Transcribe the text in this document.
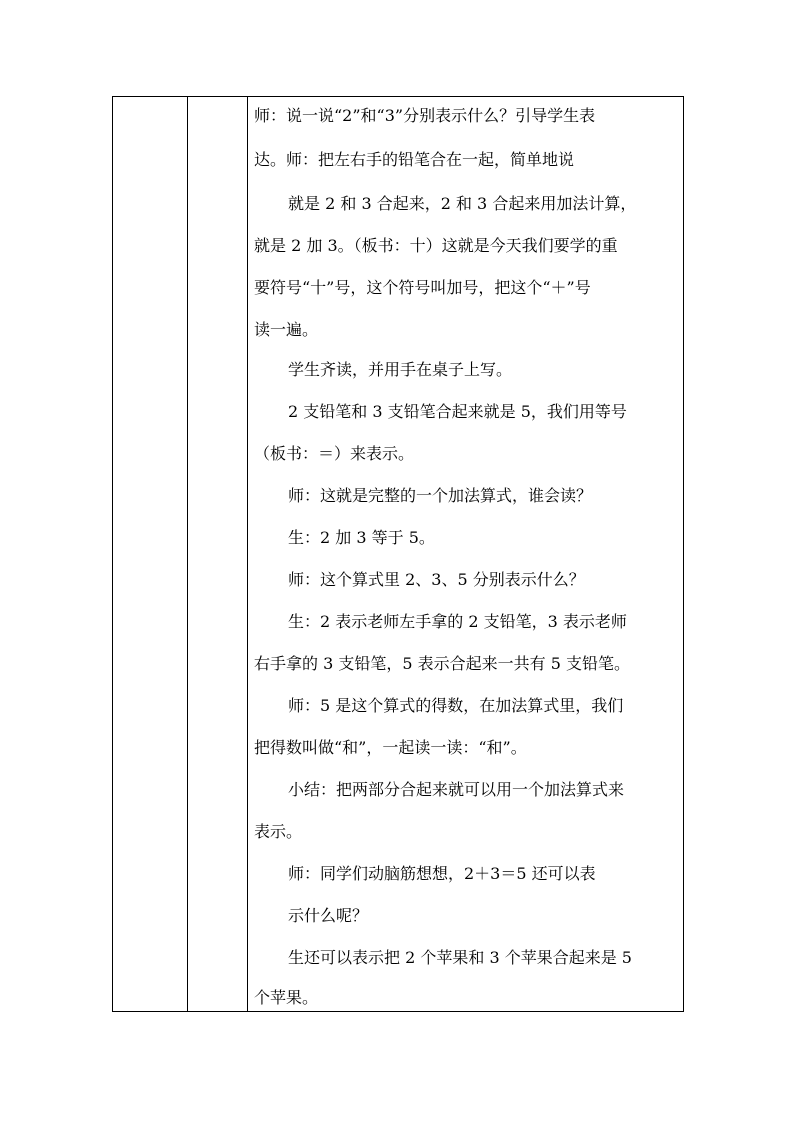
师：说一说“2”和“3”分别表示什么？引导学生表
达。师：把左右手的铅笔合在一起，简单地说
就是 2 和 3 合起来，2 和 3 合起来用加法计算，
就是 2 加 3。（板书：十）这就是今天我们要学的重
要符号“十”号，这个符号叫加号，把这个“＋”号
读一遍。
学生齐读，并用手在桌子上写。
2 支铅笔和 3 支铅笔合起来就是 5，我们用等号
（板书：＝）来表示。
师：这就是完整的一个加法算式，谁会读？
生：2 加 3 等于 5。
师：这个算式里 2、3、5 分别表示什么？
生：2 表示老师左手拿的 2 支铅笔，3 表示老师
右手拿的 3 支铅笔，5 表示合起来一共有 5 支铅笔。
师：5 是这个算式的得数，在加法算式里，我们
把得数叫做“和”，一起读一读：“和”。
小结：把两部分合起来就可以用一个加法算式来
表示。
师：同学们动脑筋想想，2＋3＝5 还可以表
示什么呢？
生还可以表示把 2 个苹果和 3 个苹果合起来是 5
个苹果。
